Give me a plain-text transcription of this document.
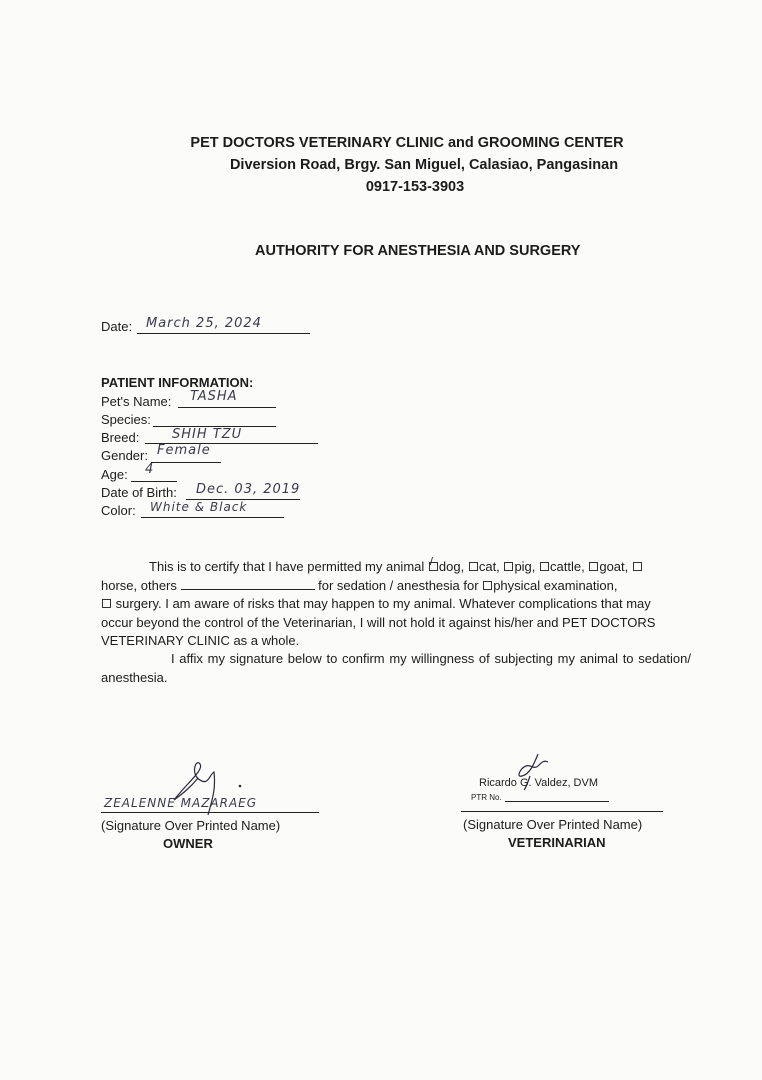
PET DOCTORS VETERINARY CLINIC and GROOMING CENTER
Diversion Road, Brgy. San Miguel, Calasiao, Pangasinan
0917-153-3903
AUTHORITY FOR ANESTHESIA AND SURGERY
Date: March 25, 2024
PATIENT INFORMATION:
Pet's Name: TASHA
Species:
Breed:	SHIH TZU
Gender: Female
Age: 4
Date of Birth: Dec. 03, 2019
Color: White & Black
This is to certify that I have permitted my animal / dog, cat, pig, cattle, goat,
horse, others	for sedation / anesthesia for physical examination,
surgery. I am aware of risks that may happen to my animal. Whatever complications that may
occur beyond the control of the Veterinarian, I will not hold it against his/her and PET DOCTORS
VETERINARY CLINIC as a whole.
I affix my signature below to confirm my willingness of subjecting my animal to sedation/ anesthesia.
ZEALENNE MAZARAEG
(Signature Over Printed Name)
OWNER
Ricardo G. Valdez, DVM
PTR No.
(Signature Over Printed Name)
VETERINARIAN
